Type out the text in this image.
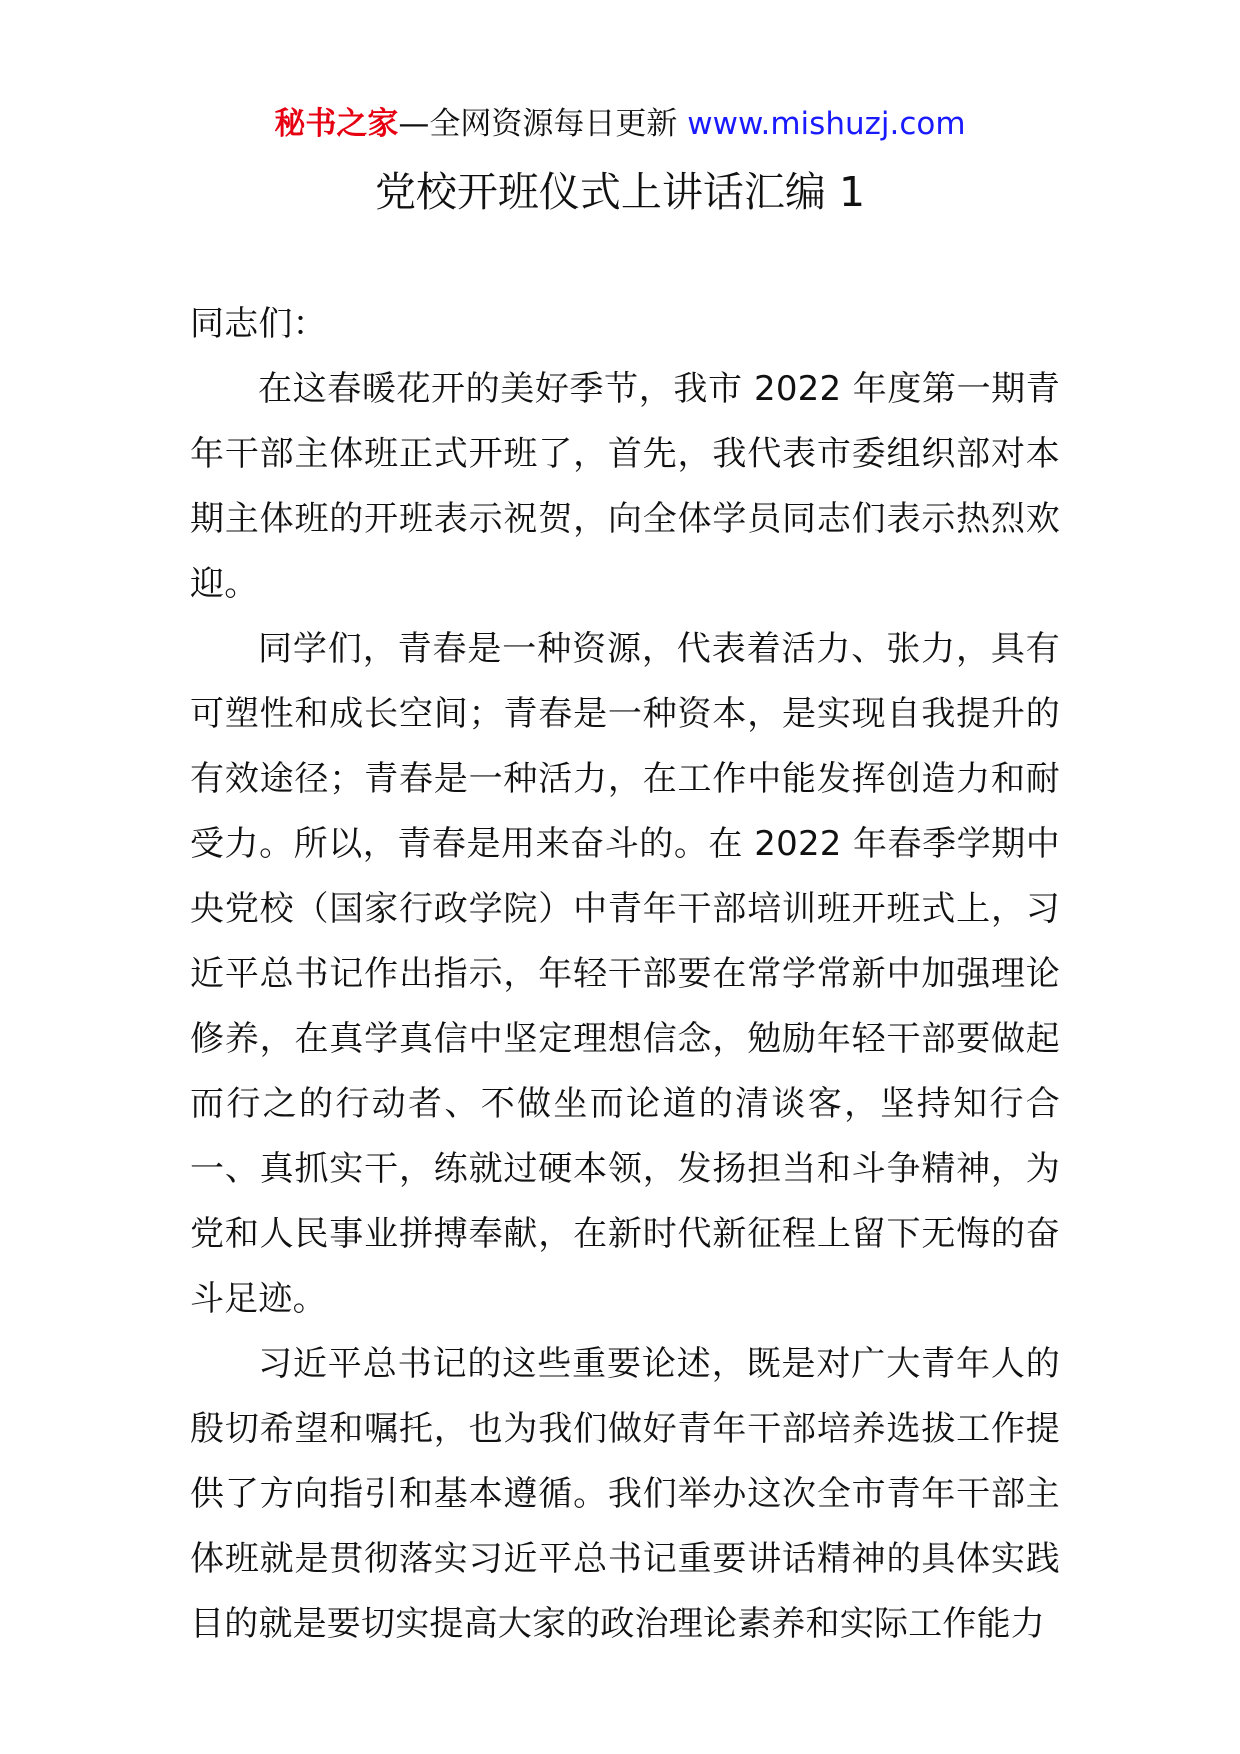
秘书之家—全网资源每日更新 www.mishuzj.com
党校开班仪式上讲话汇编 1

同志们：

在这春暖花开的美好季节，我市 2022 年度第一期青年干部主体班正式开班了，首先，我代表市委组织部对本期主体班的开班表示祝贺，向全体学员同志们表示热烈欢迎。

同学们，青春是一种资源，代表着活力、张力，具有可塑性和成长空间；青春是一种资本，是实现自我提升的有效途径；青春是一种活力，在工作中能发挥创造力和耐受力。所以，青春是用来奋斗的。在 2022 年春季学期中央党校（国家行政学院）中青年干部培训班开班式上，习近平总书记作出指示，年轻干部要在常学常新中加强理论修养，在真学真信中坚定理想信念，勉励年轻干部要做起而行之的行动者、不做坐而论道的清谈客，坚持知行合一、真抓实干，练就过硬本领，发扬担当和斗争精神，为党和人民事业拼搏奉献，在新时代新征程上留下无悔的奋斗足迹。

习近平总书记的这些重要论述，既是对广大青年人的殷切希望和嘱托，也为我们做好青年干部培养选拔工作提供了方向指引和基本遵循。我们举办这次全市青年干部主体班就是贯彻落实习近平总书记重要讲话精神的具体实践目的就是要切实提高大家的政治理论素养和实际工作能力
